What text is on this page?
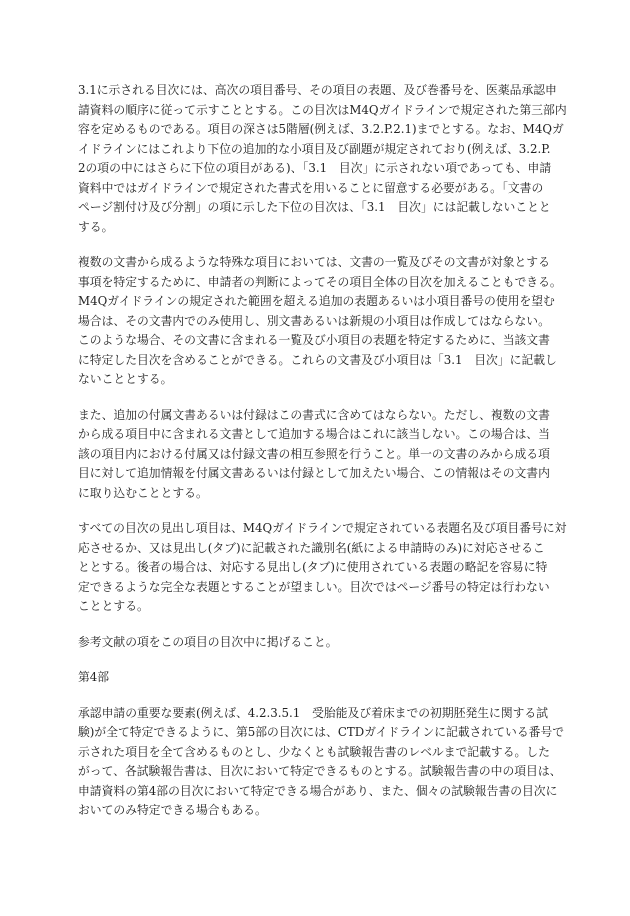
3.1に示される目次には、高次の項目番号、その項目の表題、及び巻番号を、医薬品承認申
請資料の順序に従って示すこととする。この目次はM4Qガイドラインで規定された第三部内
容を定めるものである。項目の深さは5階層(例えば、3.2.P.2.1)までとする。なお、M4Qガ
イドラインにはこれより下位の追加的な小項目及び副題が規定されており(例えば、3.2.P.
2の項の中にはさらに下位の項目がある)、「3.1　目次」に示されない項であっても、申請
資料中ではガイドラインで規定された書式を用いることに留意する必要がある。「文書の
ページ割付け及び分割」の項に示した下位の目次は、「3.1　目次」には記載しないことと
する。
複数の文書から成るような特殊な項目においては、文書の一覧及びその文書が対象とする
事項を特定するために、申請者の判断によってその項目全体の目次を加えることもできる。
M4Qガイドラインの規定された範囲を超える追加の表題あるいは小項目番号の使用を望む
場合は、その文書内でのみ使用し、別文書あるいは新規の小項目は作成してはならない。
このような場合、その文書に含まれる一覧及び小項目の表題を特定するために、当該文書
に特定した目次を含めることができる。これらの文書及び小項目は「3.1　目次」に記載し
ないこととする。
また、追加の付属文書あるいは付録はこの書式に含めてはならない。ただし、複数の文書
から成る項目中に含まれる文書として追加する場合はこれに該当しない。この場合は、当
該の項目内における付属又は付録文書の相互参照を行うこと。単一の文書のみから成る項
目に対して追加情報を付属文書あるいは付録として加えたい場合、この情報はその文書内
に取り込むこととする。
すべての目次の見出し項目は、M4Qガイドラインで規定されている表題名及び項目番号に対
応させるか、又は見出し(タブ)に記載された識別名(紙による申請時のみ)に対応させるこ
ととする。後者の場合は、対応する見出し(タブ)に使用されている表題の略記を容易に特
定できるような完全な表題とすることが望ましい。目次ではページ番号の特定は行わない
こととする。
参考文献の項をこの項目の目次中に掲げること。
第4部
承認申請の重要な要素(例えば、4.2.3.5.1　受胎能及び着床までの初期胚発生に関する試
験)が全て特定できるように、第5部の目次には、CTDガイドラインに記載されている番号で
示された項目を全て含めるものとし、少なくとも試験報告書のレベルまで記載する。した
がって、各試験報告書は、目次において特定できるものとする。試験報告書の中の項目は、
申請資料の第4部の目次において特定できる場合があり、また、個々の試験報告書の目次に
おいてのみ特定できる場合もある。
